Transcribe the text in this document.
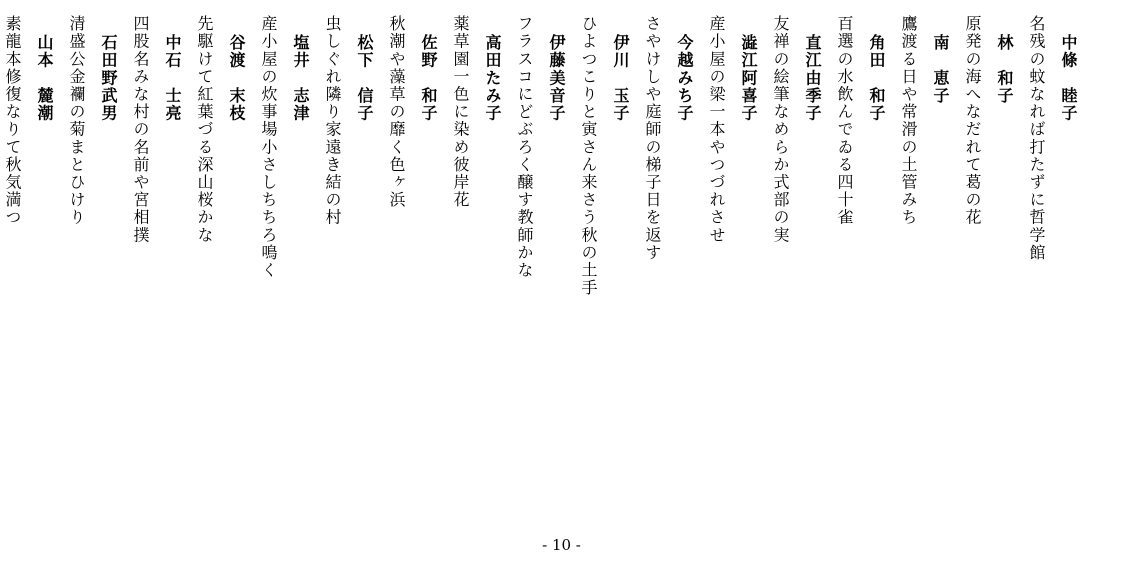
中條　睦子
名残の蚊なれば打たずに哲学館
林　和子
原発の海へなだれて葛の花
南　恵子
鷹渡る日や常滑の土管みち
角田　和子
百選の水飲んでゐる四十雀
直江由季子
友禅の絵筆なめらか式部の実
澁江阿喜子
産小屋の梁一本やつづれさせ
今越みち子
さやけしや庭師の梯子日を返す
伊川　玉子
ひよつこりと寅さん来さう秋の土手
伊藤美音子
フラスコにどぶろく醸す教師かな
高田たみ子
薬草園一色に染め彼岸花
佐野　和子
秋潮や藻草の靡く色ヶ浜
松下　信子
虫しぐれ隣り家遠き結の村
塩井　志津
産小屋の炊事場小さしちちろ鳴く
谷渡　末枝
先駆けて紅葉づる深山桜かな
中石　士亮
四股名みな村の名前や宮相撲
石田野武男
清盛公金襴の菊まとひけり
山本　麓潮
素龍本修復なりて秋気満つ
- 10 -
